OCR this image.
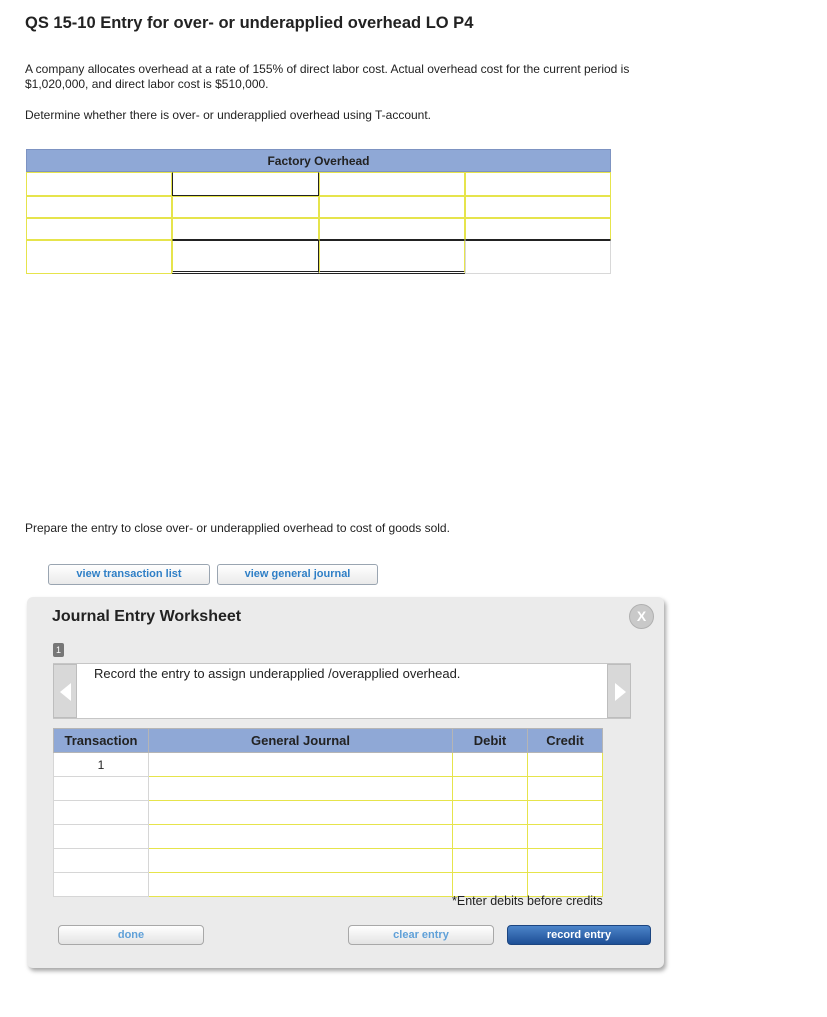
QS 15-10 Entry for over- or underapplied overhead LO P4
A company allocates overhead at a rate of 155% of direct labor cost. Actual overhead cost for the current period is $1,020,000, and direct labor cost is $510,000.
Determine whether there is over- or underapplied overhead using T-account.
Factory Overhead
Prepare the entry to close over- or underapplied overhead to cost of goods sold.
view transaction list	view general journal
Journal Entry Worksheet	X
1
Record the entry to assign underapplied /overapplied overhead.
Transaction	General Journal	Debit	Credit
1			

*Enter debits before credits
done	clear entry	record entry
